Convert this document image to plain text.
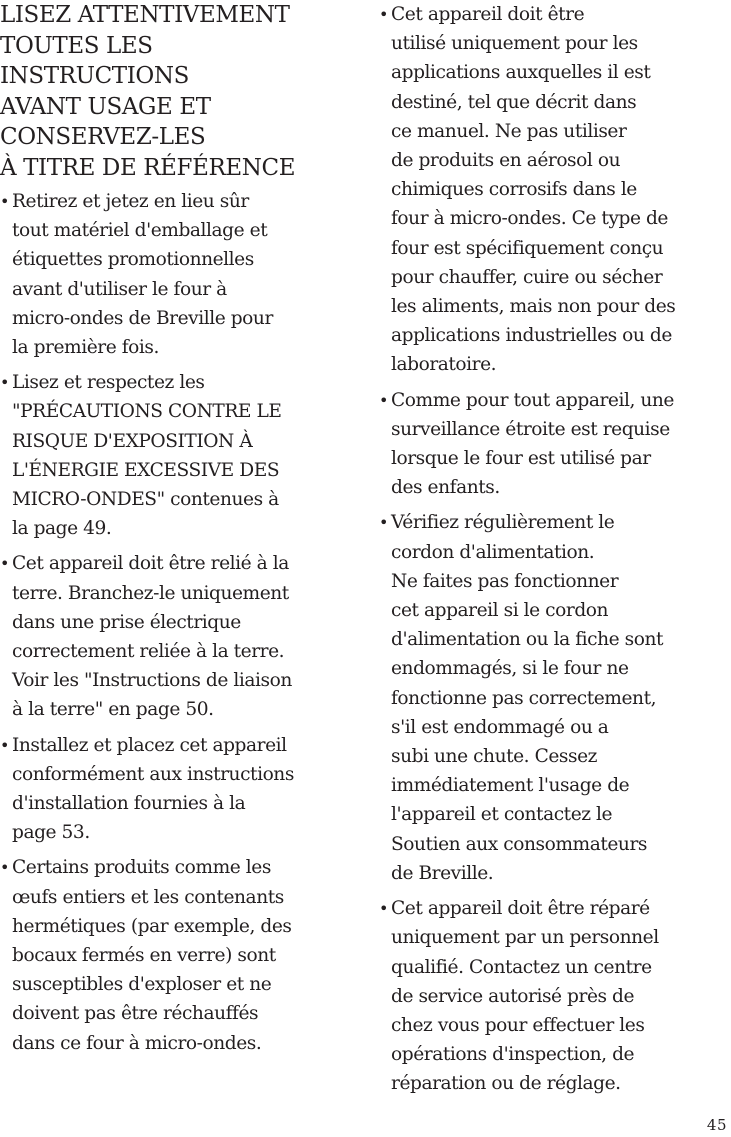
LISEZ ATTENTIVEMENT
TOUTES LES
INSTRUCTIONS
AVANT USAGE ET
CONSERVEZ-LES
À TITRE DE RÉFÉRENCE
• Retirez et jetez en lieu sûr
tout matériel d'emballage et
étiquettes promotionnelles
avant d'utiliser le four à
micro-ondes de Breville pour
la première fois.
• Lisez et respectez les
"PRÉCAUTIONS CONTRE LE
RISQUE D'EXPOSITION À
L'ÉNERGIE EXCESSIVE DES
MICRO-ONDES" contenues à
la page 49.
• Cet appareil doit être relié à la
terre. Branchez-le uniquement
dans une prise électrique
correctement reliée à la terre.
Voir les "Instructions de liaison
à la terre" en page 50.
• Installez et placez cet appareil
conformément aux instructions
d'installation fournies à la
page 53.
• Certains produits comme les
œufs entiers et les contenants
hermétiques (par exemple, des
bocaux fermés en verre) sont
susceptibles d'exploser et ne
doivent pas être réchauffés
dans ce four à micro-ondes.
• Cet appareil doit être
utilisé uniquement pour les
applications auxquelles il est
destiné, tel que décrit dans
ce manuel. Ne pas utiliser
de produits en aérosol ou
chimiques corrosifs dans le
four à micro-ondes. Ce type de
four est spécifiquement conçu
pour chauffer, cuire ou sécher
les aliments, mais non pour des
applications industrielles ou de
laboratoire.
• Comme pour tout appareil, une
surveillance étroite est requise
lorsque le four est utilisé par
des enfants.
• Vérifiez régulièrement le
cordon d'alimentation.
Ne faites pas fonctionner
cet appareil si le cordon
d'alimentation ou la fiche sont
endommagés, si le four ne
fonctionne pas correctement,
s'il est endommagé ou a
subi une chute. Cessez
immédiatement l'usage de
l'appareil et contactez le
Soutien aux consommateurs
de Breville.
• Cet appareil doit être réparé
uniquement par un personnel
qualifié. Contactez un centre
de service autorisé près de
chez vous pour effectuer les
opérations d'inspection, de
réparation ou de réglage.
45
